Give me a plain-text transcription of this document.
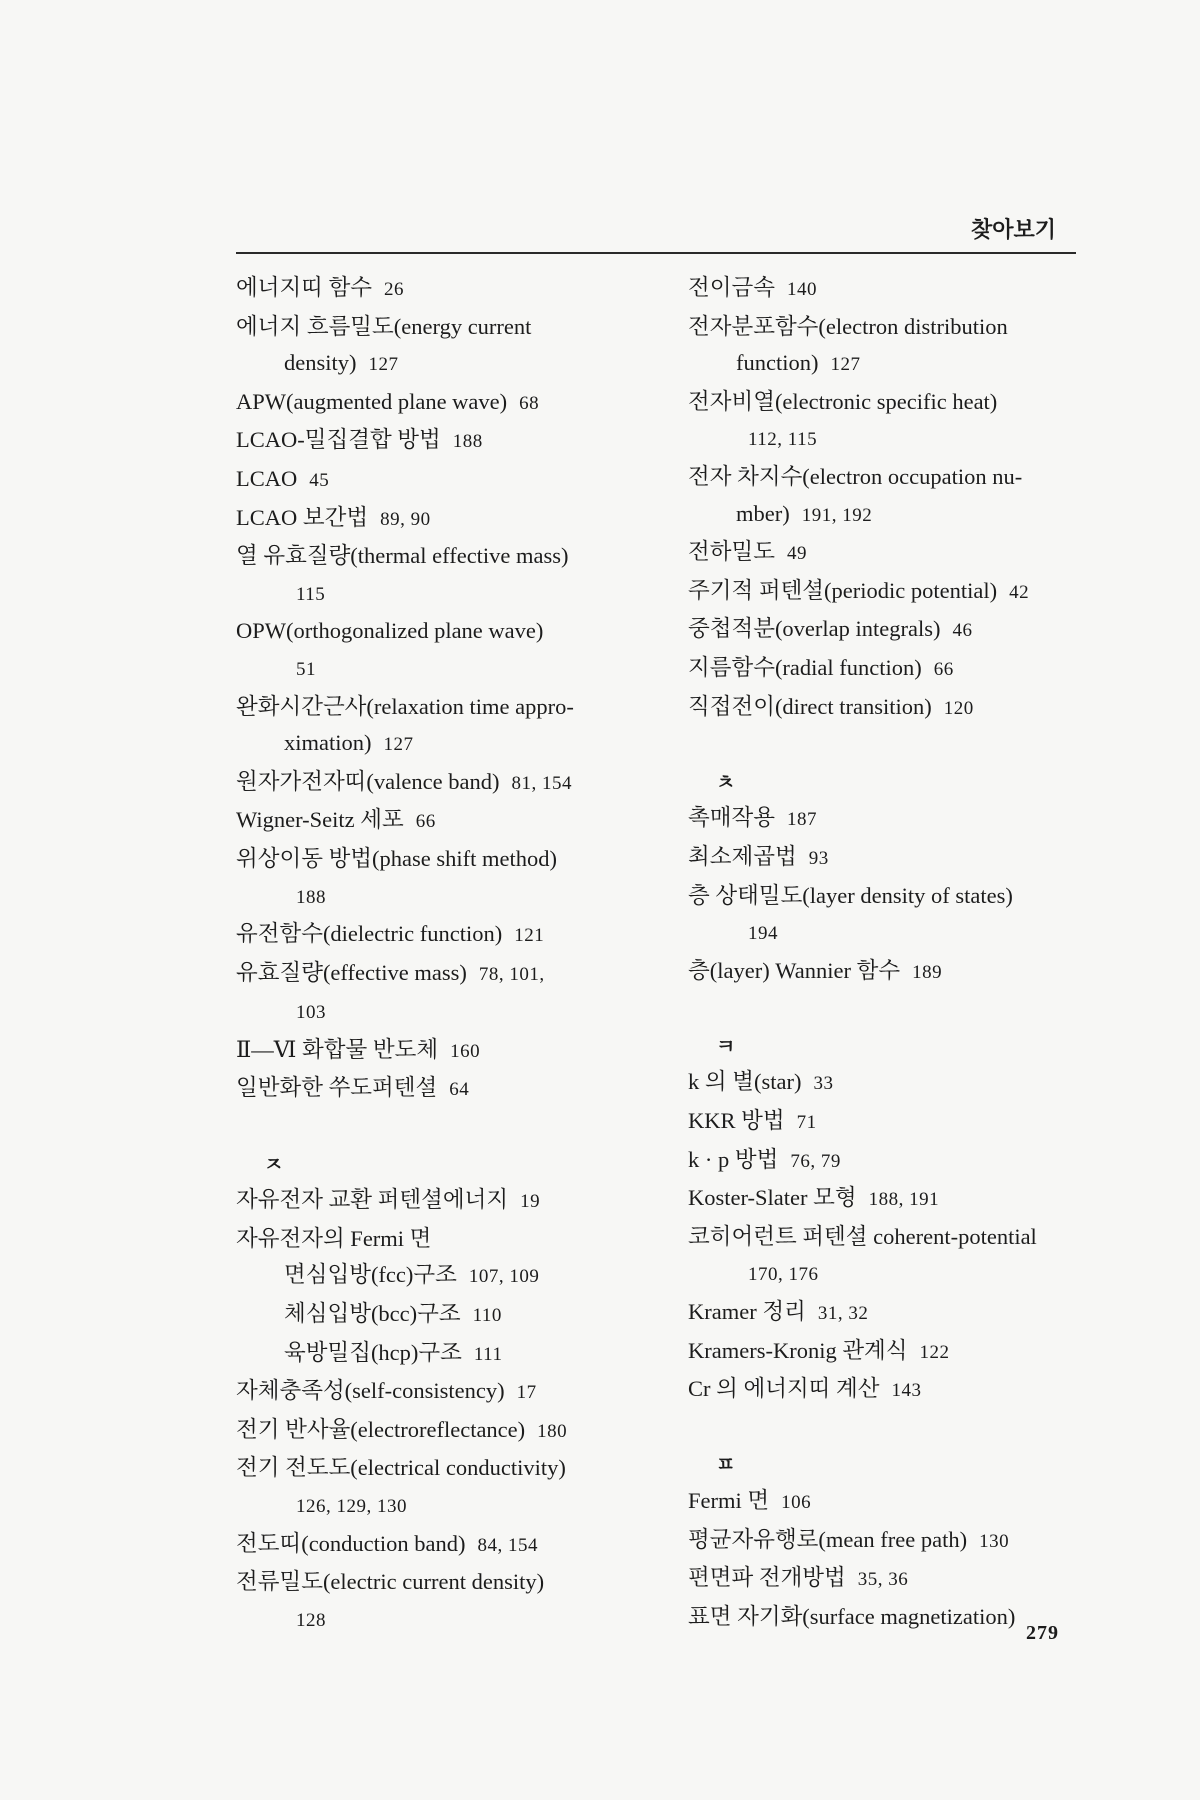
찾아보기
에너지띠 함수 26
에너지 흐름밀도(energy current
density) 127
APW(augmented plane wave) 68
LCAO-밀집결합 방법 188
LCAO 45
LCAO 보간법 89, 90
열 유효질량(thermal effective mass)
115
OPW(orthogonalized plane wave)
51
완화시간근사(relaxation time appro-
ximation) 127
원자가전자띠(valence band) 81, 154
Wigner-Seitz 세포 66
위상이동 방법(phase shift method)
188
유전함수(dielectric function) 121
유효질량(effective mass) 78, 101,
103
Ⅱ—Ⅵ 화합물 반도체 160
일반화한 쑤도퍼텐셜 64
ㅈ
자유전자 교환 퍼텐셜에너지 19
자유전자의 Fermi 면
면심입방(fcc)구조 107, 109
체심입방(bcc)구조 110
육방밀집(hcp)구조 111
자체충족성(self-consistency) 17
전기 반사율(electroreflectance) 180
전기 전도도(electrical conductivity)
126, 129, 130
전도띠(conduction band) 84, 154
전류밀도(electric current density)
128
전이금속 140
전자분포함수(electron distribution
function) 127
전자비열(electronic specific heat)
112, 115
전자 차지수(electron occupation nu-
mber) 191, 192
전하밀도 49
주기적 퍼텐셜(periodic potential) 42
중첩적분(overlap integrals) 46
지름함수(radial function) 66
직접전이(direct transition) 120
ㅊ
촉매작용 187
최소제곱법 93
층 상태밀도(layer density of states)
194
층(layer) Wannier 함수 189
ㅋ
k 의 별(star) 33
KKR 방법 71
k · p 방법 76, 79
Koster-Slater 모형 188, 191
코히어런트 퍼텐셜 coherent-potential
170, 176
Kramer 정리 31, 32
Kramers-Kronig 관계식 122
Cr 의 에너지띠 계산 143
ㅍ
Fermi 면 106
평균자유행로(mean free path) 130
편면파 전개방법 35, 36
표면 자기화(surface magnetization)
279
